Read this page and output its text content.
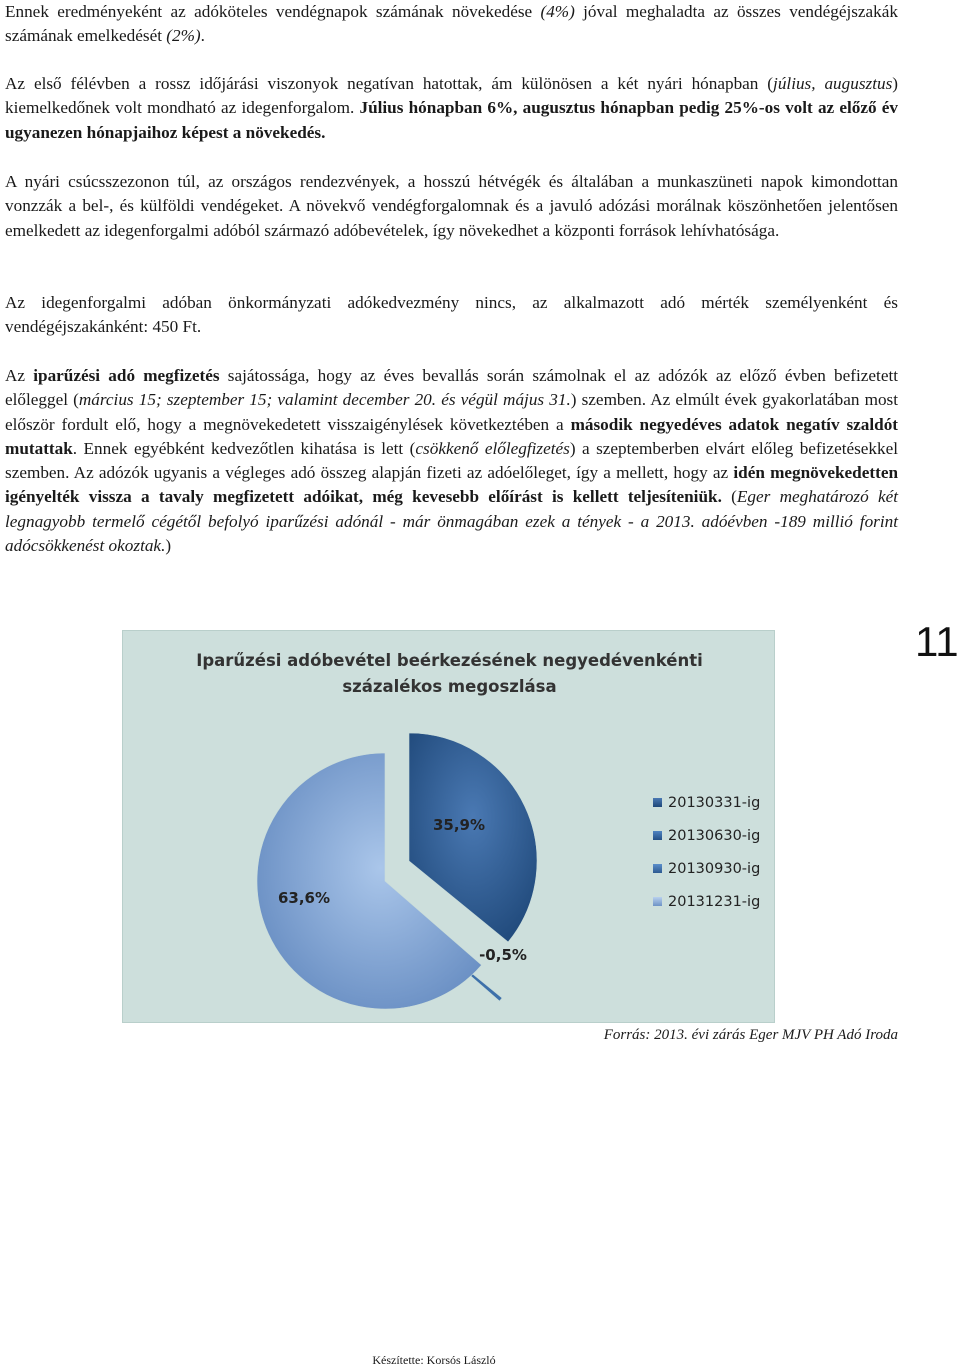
Ennek eredményeként az adóköteles vendégnapok számának növekedése (4%) jóval meghaladta az összes vendégéjszakák számának emelkedését (2%).

Az első félévben a rossz időjárási viszonyok negatívan hatottak, ám különösen a két nyári hónapban (július, augusztus) kiemelkedőnek volt mondható az idegenforgalom. Július hónapban 6%, augusztus hónapban pedig 25%-os volt az előző év ugyanezen hónapjaihoz képest a növekedés.

A nyári csúcsszezonon túl, az országos rendezvények, a hosszú hétvégék és általában a munkaszüneti napok kimondottan vonzzák a bel-, és külföldi vendégeket. A növekvő vendégforgalomnak és a javuló adózási morálnak köszönhetően jelentősen emelkedett az idegenforgalmi adóból származó adóbevételek, így növekedhet a központi források lehívhatósága.

Az idegenforgalmi adóban önkormányzati adókedvezmény nincs, az alkalmazott adó mérték személyenként és vendégéjszakánként: 450 Ft.

Az iparűzési adó megfizetés sajátossága, hogy az éves bevallás során számolnak el az adózók az előző évben befizetett előleggel (március 15; szeptember 15; valamint december 20. és végül május 31.) szemben. Az elmúlt évek gyakorlatában most először fordult elő, hogy a megnövekedetett visszaigénylések következtében a második negyedéves adatok negatív szaldót mutattak. Ennek egyébként kedvezőtlen kihatása is lett (csökkenő előlegfizetés) a szeptemberben elvárt előleg befizetésekkel szemben. Az adózók ugyanis a végleges adó összeg alapján fizeti az adóelőleget, így a mellett, hogy az idén megnövekedetten igényelték vissza a tavaly megfizetett adóikat, még kevesebb előírást is kellett teljesíteniük. (Eger meghatározó két legnagyobb termelő cégétől befolyó iparűzési adónál - már önmagában ezek a tények - a 2013. adóévben -189 millió forint adócsökkenést okoztak.)

Iparűzési adóbevétel beérkezésének negyedévenkénti
százalékos megoszlása
35,9%
-0,5%
63,6%
20130331-ig
20130630-ig
20130930-ig
20131231-ig
11
Forrás: 2013. évi zárás Eger MJV PH Adó Iroda
Készítette: Korsós László
